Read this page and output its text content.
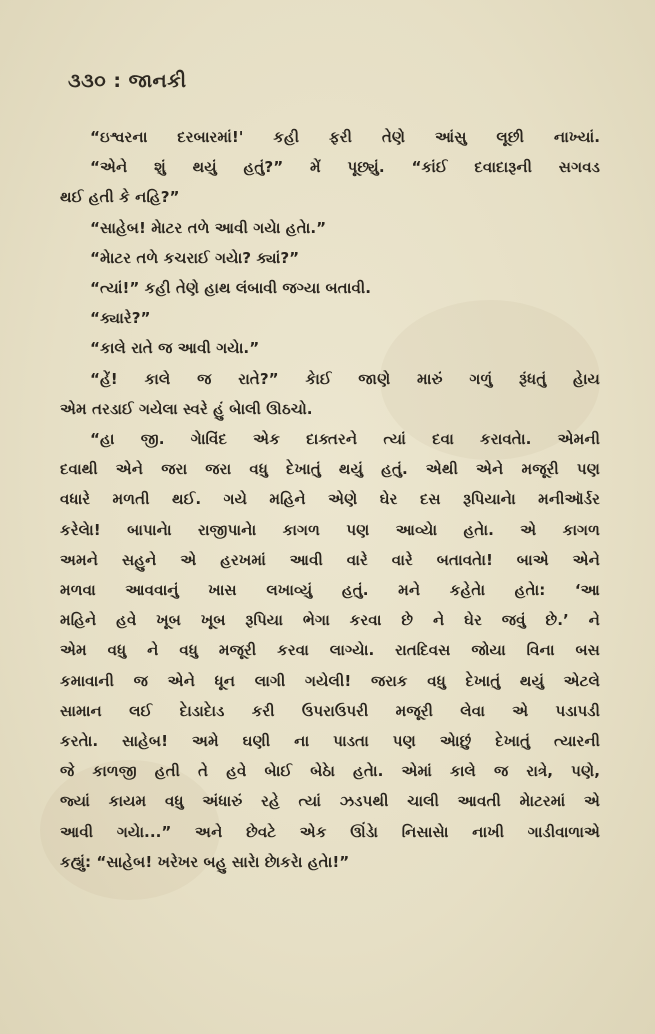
૩૩૦ : જાનકી
“ઇશ્વરના દરબારમાં!' કહી ફરી તેણે આંસુ લૂછી નાખ્યાં.
“એને શું થયું હતું?” મેં પૂછ્યું. “કાંઈ દવાદારૂની સગવડ
થઈ હતી કે નહિ?”
“સાહેબ! મેાટર તળે આવી ગયેા હતેા.”
“મેાટર તળે કચરાઈ ગયેા? ક્યાં?”
“ત્યાં!” કહી તેણે હાથ લંબાવી જગ્યા બતાવી.
“ક્યારે?”
“કાલે રાતે જ આવી ગયેા.”
“હેં! કાલે જ રાતે?” કેાઈ જાણે મારું ગળું રૂંધતું હેાય
એમ તરડાઈ ગયેલા સ્વરે હું બેાલી ઊઠચો.
“હા જી. ગેાવિંદ એક દાક્તરને ત્યાં દવા કરાવતેા. એમની
દવાથી એને જરા જરા વધુ દેખાતું થયું હતું. એથી એને મજૂરી પણ
વધારે મળતી થઈ. ગયે મહિને એણે ઘેર દસ રૂપિયાનેા મનીઑર્ડર
કરેલેા! બાપાનેા રાજીપાનેા કાગળ પણ આવ્યેા હતેા. એ કાગળ
અમને સહુને એ હરખમાં આવી વારે વારે બતાવતેા! બાએ એને
મળવા આવવાનું ખાસ લખાવ્યું હતું. મને કહેતેા હતેા: ‘આ
મહિને હવે ખૂબ ખૂબ રૂપિયા ભેગા કરવા છે ને ઘેર જવું છે.’ ને
એમ વધુ ને વધુ મજૂરી કરવા લાગ્યેા. રાતદિવસ જોયા વિના બસ
કમાવાની જ એને ધૂન લાગી ગયેલી! જરાક વધુ દેખાતું થયું એટલે
સામાન લઈ દેાડાદેાડ કરી ઉપરાઉપરી મજૂરી લેવા એ પડાપડી
કરતેા. સાહેબ! અમે ઘણી ના પાડતા પણ એાછું દેખાતું ત્યારની
જે કાળજી હતી તે હવે બેાઈ બેઠેા હતેા. એમાં કાલે જ રાત્રે, પણે,
જ્યાં કાયમ વધુ અંધારું રહે ત્યાં ઝડપથી ચાલી આવતી મેાટરમાં એ
આવી ગયેા...” અને છેવટે એક ઊંડેા નિસાસેા નાખી ગાડીવાળાએ
કહ્યું: “સાહેબ! ખરેખર બહુ સારેા છેાકરેા હતેા!”
